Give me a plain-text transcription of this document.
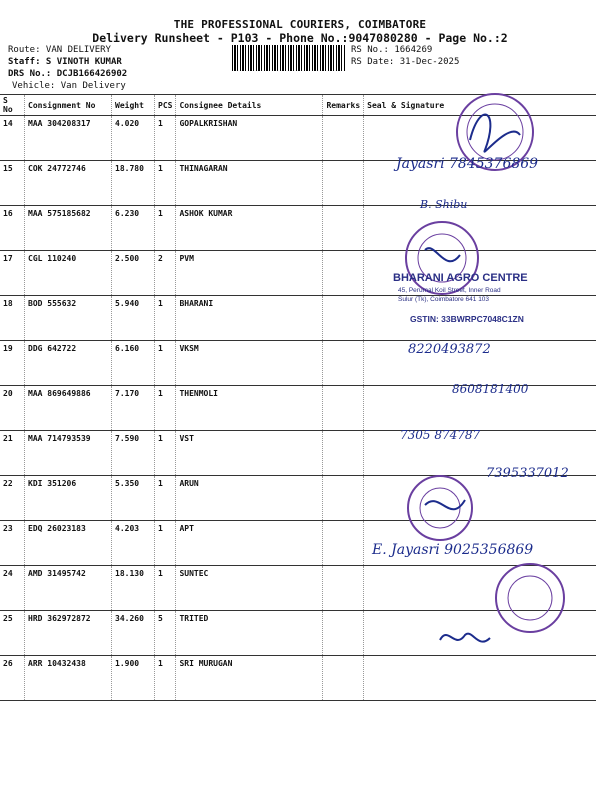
THE PROFESSIONAL COURIERS, COIMBATORE
Delivery Runsheet - P103 - Phone No.:9047080280 - Page No.:2
Route: VAN DELIVERY
Staff: S VINOTH KUMAR
DRS No.: DCJB166426902
Vehicle: Van Delivery
RS No.: 1664269
RS Date: 31-Dec-2025
S No	Consignment No	Weight	PCS	Consignee Details	Remarks	Seal & Signature
14	MAA 304208317	4.020	1	GOPALKRISHAN		
15	COK 24772746	18.780	1	THINAGARAN		
16	MAA 575185682	6.230	1	ASHOK KUMAR		
17	CGL 110240	2.500	2	PVM		
18	BOD 555632	5.940	1	BHARANI		
19	DDG 642722	6.160	1	VKSM		
20	MAA 869649886	7.170	1	THENMOLI		
21	MAA 714793539	7.590	1	VST		
22	KDI 351206	5.350	1	ARUN		
23	EDQ 26023183	4.203	1	APT		
24	AMD 31495742	18.130	1	SUNTEC		
25	HRD 362972872	34.260	5	TRITED		
26	ARR 10432438	1.900	1	SRI MURUGAN		
Jayasri 7845376869
B. Shibu
BHARANI AGRO CENTRE
45, Perumal Koil Street, Inner Road
Sulur (Tk), Coimbatore 641 103
GSTIN: 33BWRPC7048C1ZN
8220493872
8608181400
7305 874787
7395337012
E. Jayasri 9025356869
